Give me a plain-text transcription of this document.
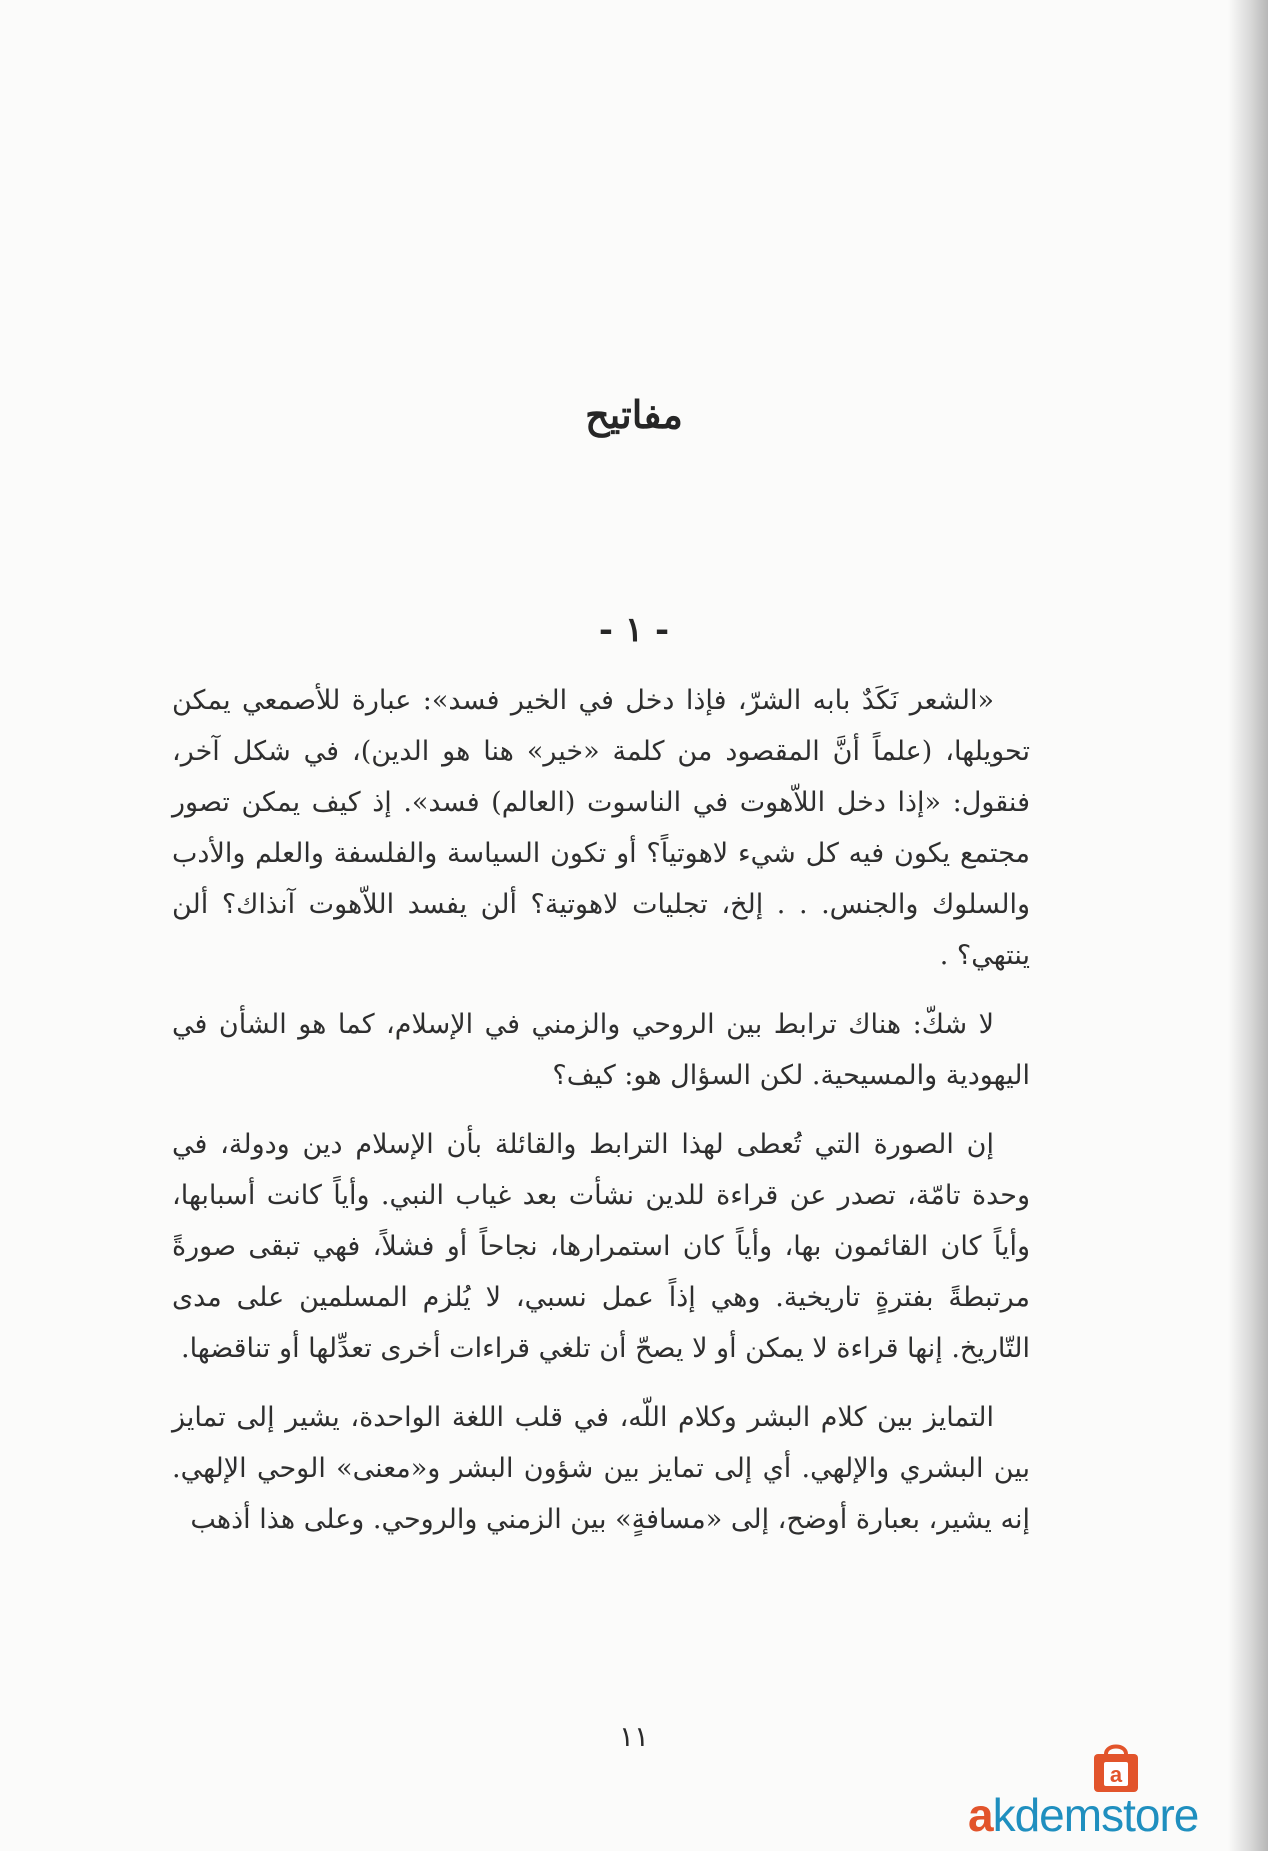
مفاتيح
- ١ -

«الشعر نَكَدٌ بابه الشرّ، فإذا دخل في الخير فسد»: عبارة للأصمعي يمكن تحويلها، (علماً أنَّ المقصود من كلمة «خير» هنا هو الدين)، في شكل آخر، فنقول: «إذا دخل اللاّهوت في الناسوت (العالم) فسد». إذ كيف يمكن تصور مجتمع يكون فيه كل شيء لاهوتياً؟ أو تكون السياسة والفلسفة والعلم والأدب والسلوك والجنس. . . إلخ، تجليات لاهوتية؟ ألن يفسد اللاّهوت آنذاك؟ ألن ينتهي؟ .

لا شكّ: هناك ترابط بين الروحي والزمني في الإسلام، كما هو الشأن في اليهودية والمسيحية. لكن السؤال هو: كيف؟

إن الصورة التي تُعطى لهذا الترابط والقائلة بأن الإسلام دين ودولة، في وحدة تامّة، تصدر عن قراءة للدين نشأت بعد غياب النبي. وأياً كانت أسبابها، وأياً كان القائمون بها، وأياً كان استمرارها، نجاحاً أو فشلاً، فهي تبقى صورةً مرتبطةً بفترةٍ تاريخية. وهي إذاً عمل نسبي، لا يُلزم المسلمين على مدى التّاريخ. إنها قراءة لا يمكن أو لا يصحّ أن تلغي قراءات أخرى تعدِّلها أو تناقضها.

التمايز بين كلام البشر وكلام اللّه، في قلب اللغة الواحدة، يشير إلى تمايز بين البشري والإلهي. أي إلى تمايز بين شؤون البشر و«معنى» الوحي الإلهي. إنه يشير، بعبارة أوضح، إلى «مسافةٍ» بين الزمني والروحي. وعلى هذا أذهب

١١
a
akdemstore
